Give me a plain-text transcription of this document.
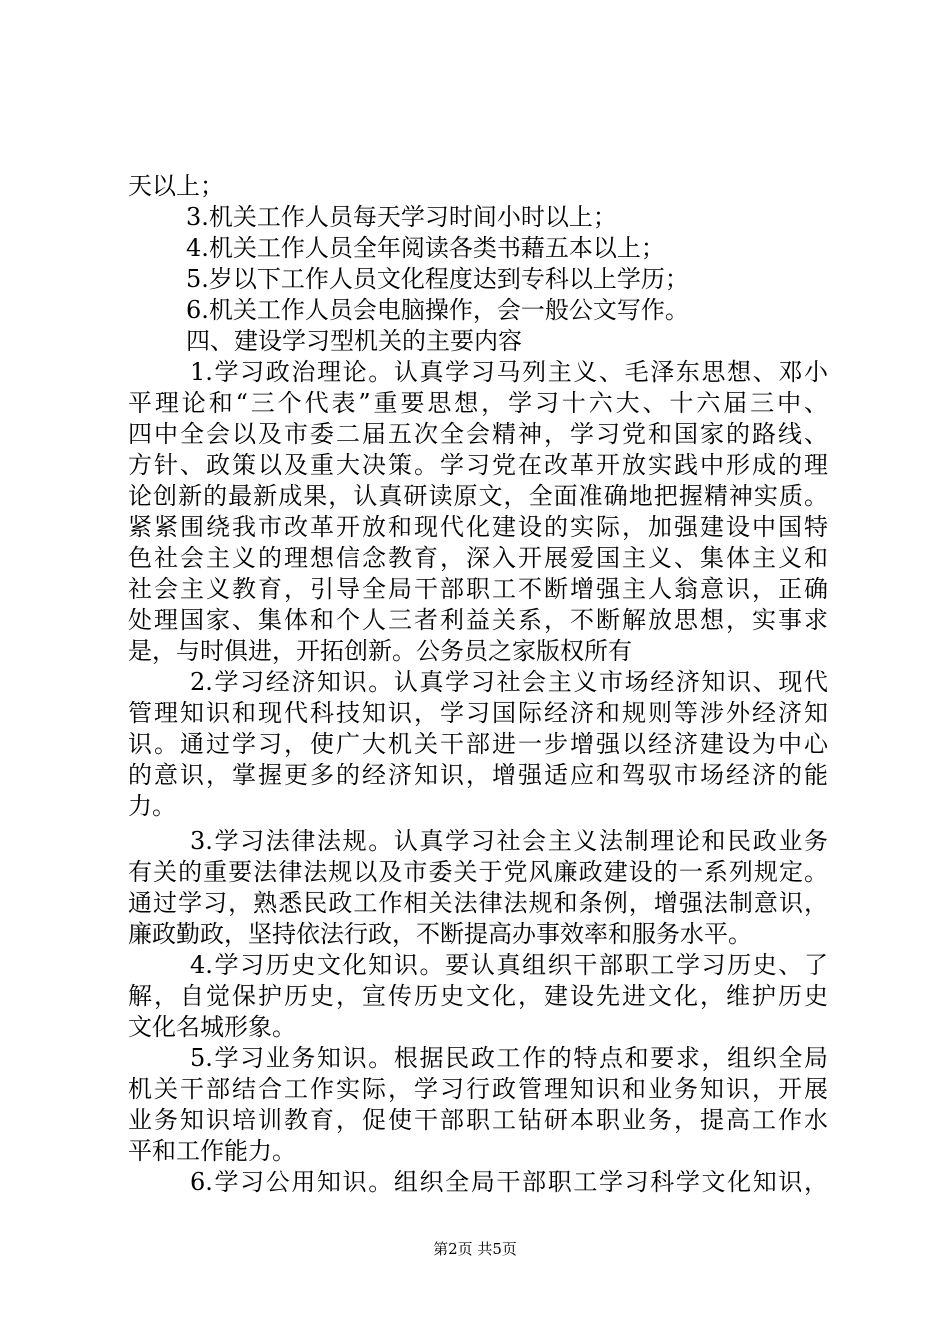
天以上；
3.机关工作人员每天学习时间小时以上；
4.机关工作人员全年阅读各类书藉五本以上；
5.岁以下工作人员文化程度达到专科以上学历；
6.机关工作人员会电脑操作，会一般公文写作。
四、建设学习型机关的主要内容
1.学习政治理论。认真学习马列主义、毛泽东思想、邓小
平理论和“三个代表”重要思想，学习十六大、十六届三中、
四中全会以及市委二届五次全会精神，学习党和国家的路线、
方针、政策以及重大决策。学习党在改革开放实践中形成的理
论创新的最新成果，认真研读原文，全面准确地把握精神实质。
紧紧围绕我市改革开放和现代化建设的实际，加强建设中国特
色社会主义的理想信念教育，深入开展爱国主义、集体主义和
社会主义教育，引导全局干部职工不断增强主人翁意识，正确
处理国家、集体和个人三者利益关系，不断解放思想，实事求
是，与时俱进，开拓创新。公务员之家版权所有
2.学习经济知识。认真学习社会主义市场经济知识、现代
管理知识和现代科技知识，学习国际经济和规则等涉外经济知
识。通过学习，使广大机关干部进一步增强以经济建设为中心
的意识，掌握更多的经济知识，增强适应和驾驭市场经济的能
力。
3.学习法律法规。认真学习社会主义法制理论和民政业务
有关的重要法律法规以及市委关于党风廉政建设的一系列规定。
通过学习，熟悉民政工作相关法律法规和条例，增强法制意识，
廉政勤政，坚持依法行政，不断提高办事效率和服务水平。
4.学习历史文化知识。要认真组织干部职工学习历史、了
解，自觉保护历史，宣传历史文化，建设先进文化，维护历史
文化名城形象。
5.学习业务知识。根据民政工作的特点和要求，组织全局
机关干部结合工作实际，学习行政管理知识和业务知识，开展
业务知识培训教育，促使干部职工钻研本职业务，提高工作水
平和工作能力。
6.学习公用知识。组织全局干部职工学习科学文化知识，
第2页 共5页
